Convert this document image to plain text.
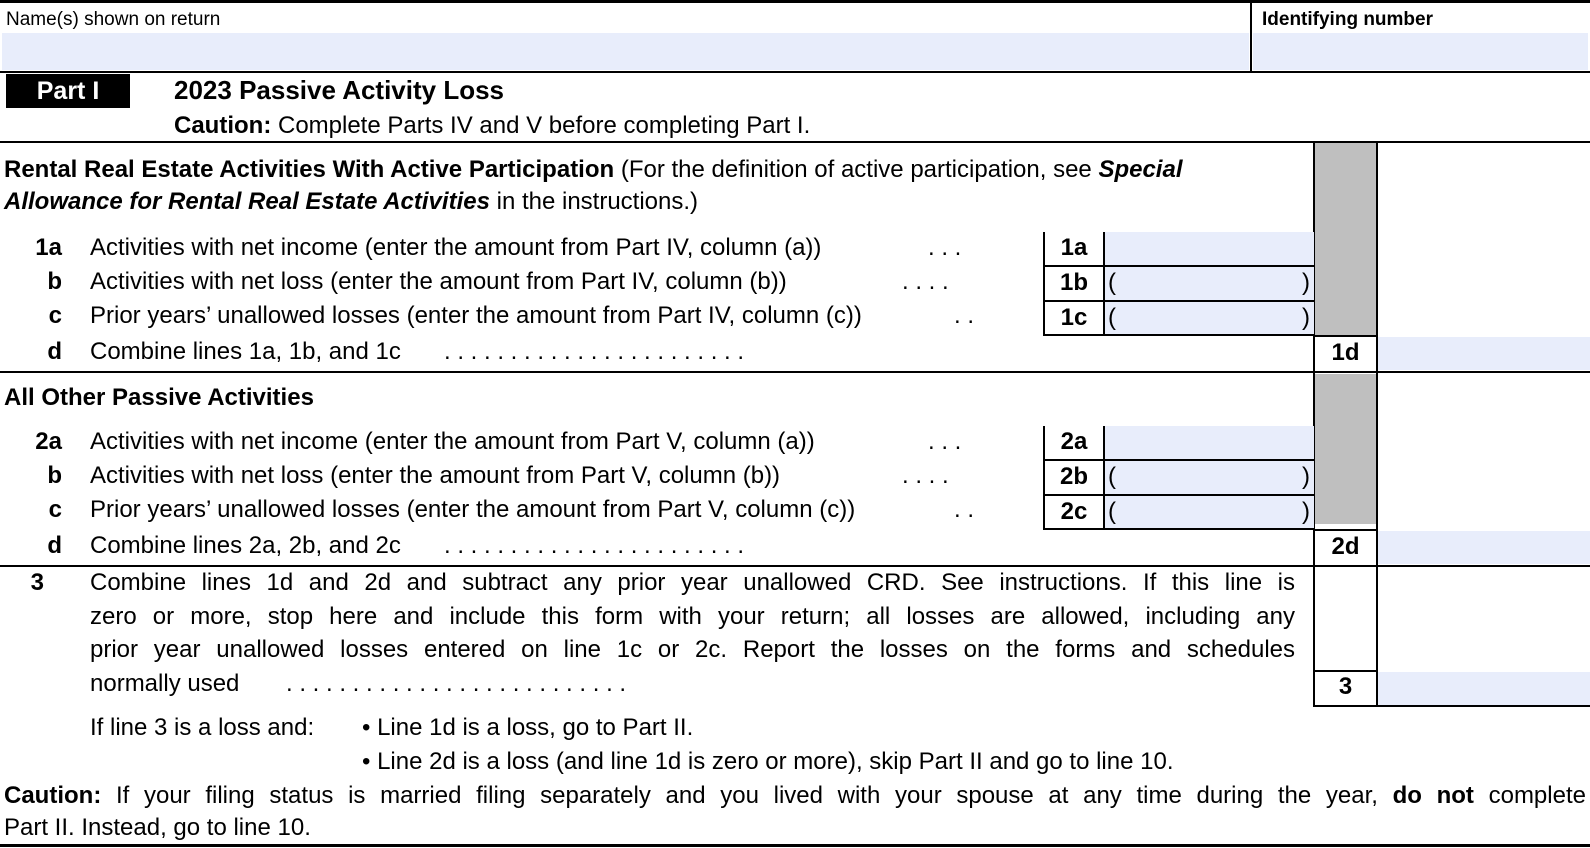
Name(s) shown on return	Identifying number
Part I	2023 Passive Activity Loss
Caution: Complete Parts IV and V before completing Part I.
Rental Real Estate Activities With Active Participation (For the definition of active participation, see Special
Allowance for Rental Real Estate Activities in the instructions.)
1a Activities with net income (enter the amount from Part IV, column (a))	. . .	1a
b Activities with net loss (enter the amount from Part IV, column (b))	. . . .	1b (	)
c Prior years’ unallowed losses (enter the amount from Part IV, column (c))	. .	1c (	)
d Combine lines 1a, 1b, and 1c . . . . . . . . . . . . . . . . . . . . . . .	1d
All Other Passive Activities
2a Activities with net income (enter the amount from Part V, column (a))	. . .	2a
b Activities with net loss (enter the amount from Part V, column (b))	. . . .	2b (	)
c Prior years’ unallowed losses (enter the amount from Part V, column (c))	. .	2c (	)
d Combine lines 2a, 2b, and 2c . . . . . . . . . . . . . . . . . . . . . . .	2d
3 Combine lines 1d and 2d and subtract any prior year unallowed CRD. See instructions. If this line is
zero or more, stop here and include this form with your return; all losses are allowed, including any
prior year unallowed losses entered on line 1c or 2c. Report the losses on the forms and schedules
normally used . . . . . . . . . . . . . . . . . . . . . . . . . .	3
If line 3 is a loss and: • Line 1d is a loss, go to Part II.
• Line 2d is a loss (and line 1d is zero or more), skip Part II and go to line 10.
Caution: If your filing status is married filing separately and you lived with your spouse at any time during the year, do not complete
Part II. Instead, go to line 10.
